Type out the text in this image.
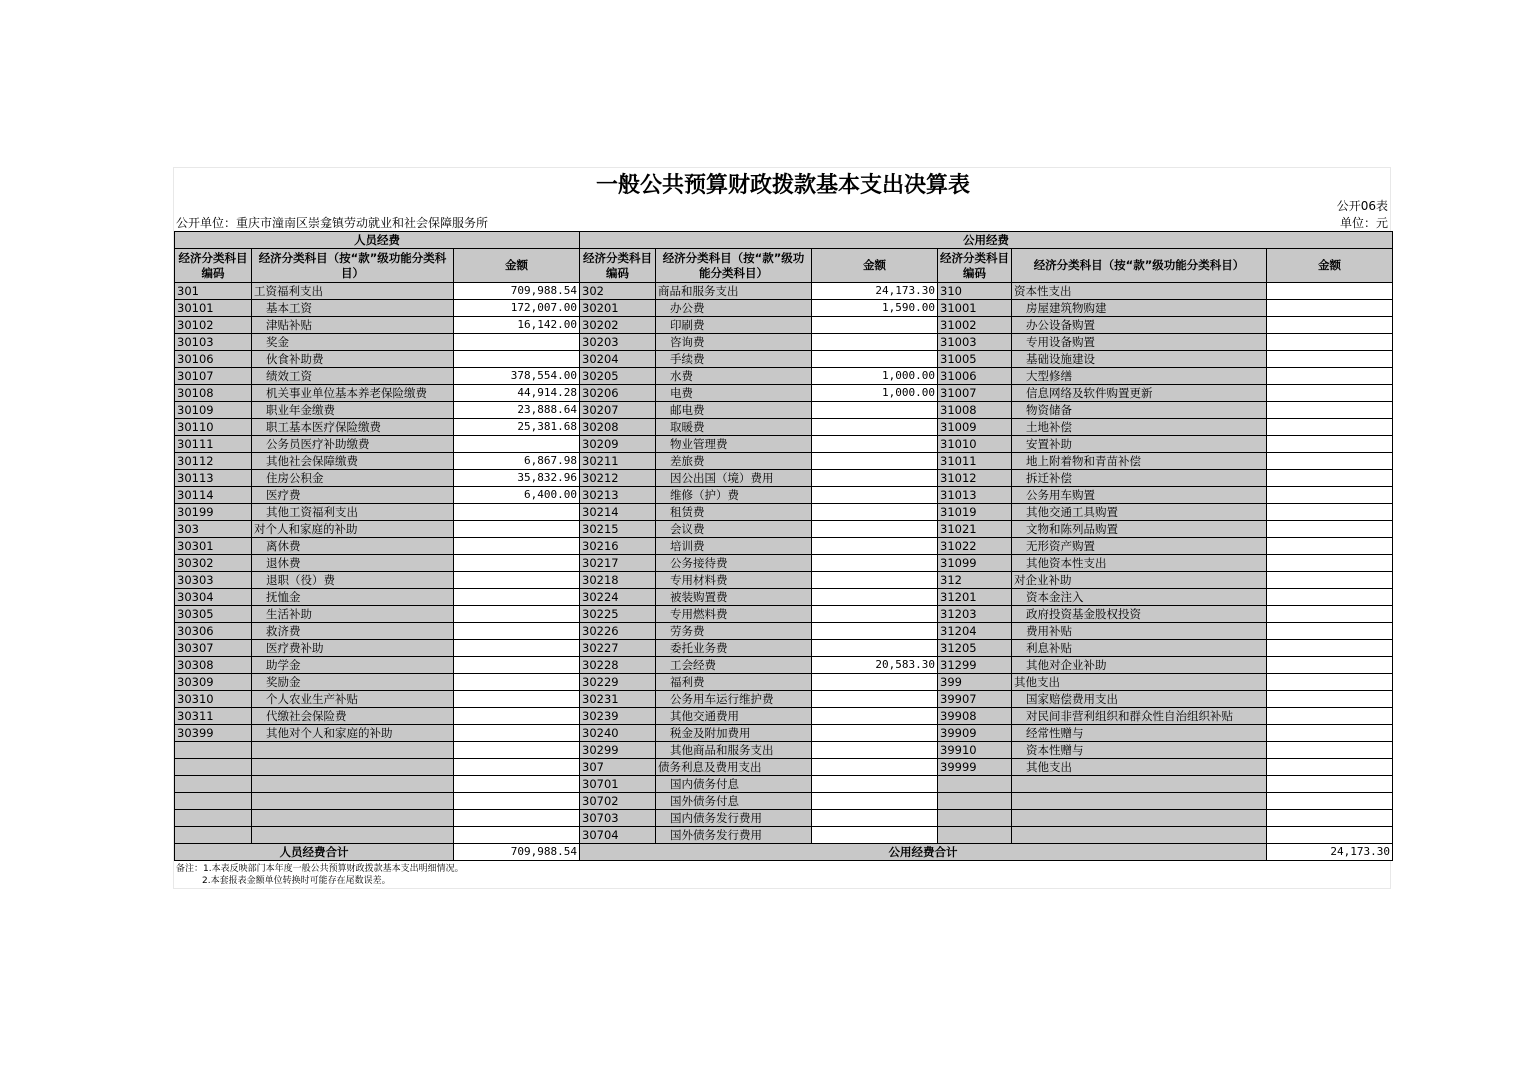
一般公共预算财政拨款基本支出决算表
公开06表
公开单位：重庆市潼南区崇龛镇劳动就业和社会保障服务所	单位：元
人员经费			公用经费					
经济分类科目编码	经济分类科目（按“款”级功能分类科目）	金额	经济分类科目编码	经济分类科目（按“款”级功能分类科目）	金额	经济分类科目编码	经济分类科目（按“款”级功能分类科目）	金额
301	工资福利支出	709,988.54	302	商品和服务支出	24,173.30	310	资本性支出	
30101	基本工资	172,007.00	30201	办公费	1,590.00	31001	房屋建筑物购建	
30102	津贴补贴	16,142.00	30202	印刷费		31002	办公设备购置	
30103	奖金		30203	咨询费		31003	专用设备购置	
30106	伙食补助费		30204	手续费		31005	基础设施建设	
30107	绩效工资	378,554.00	30205	水费	1,000.00	31006	大型修缮	
30108	机关事业单位基本养老保险缴费	44,914.28	30206	电费	1,000.00	31007	信息网络及软件购置更新	
30109	职业年金缴费	23,888.64	30207	邮电费		31008	物资储备	
30110	职工基本医疗保险缴费	25,381.68	30208	取暖费		31009	土地补偿	
30111	公务员医疗补助缴费		30209	物业管理费		31010	安置补助	
30112	其他社会保障缴费	6,867.98	30211	差旅费		31011	地上附着物和青苗补偿	
30113	住房公积金	35,832.96	30212	因公出国（境）费用		31012	拆迁补偿	
30114	医疗费	6,400.00	30213	维修（护）费		31013	公务用车购置	
30199	其他工资福利支出		30214	租赁费		31019	其他交通工具购置	
303	对个人和家庭的补助		30215	会议费		31021	文物和陈列品购置	
30301	离休费		30216	培训费		31022	无形资产购置	
30302	退休费		30217	公务接待费		31099	其他资本性支出	
30303	退职（役）费		30218	专用材料费		312	对企业补助	
30304	抚恤金		30224	被装购置费		31201	资本金注入	
30305	生活补助		30225	专用燃料费		31203	政府投资基金股权投资	
30306	救济费		30226	劳务费		31204	费用补贴	
30307	医疗费补助		30227	委托业务费		31205	利息补贴	
30308	助学金		30228	工会经费	20,583.30	31299	其他对企业补助	
30309	奖励金		30229	福利费		399	其他支出	
30310	个人农业生产补贴		30231	公务用车运行维护费		39907	国家赔偿费用支出	
30311	代缴社会保险费		30239	其他交通费用		39908	对民间非营利组织和群众性自治组织补贴	
30399	其他对个人和家庭的补助		30240	税金及附加费用		39909	经常性赠与	
			30299	其他商品和服务支出		39910	资本性赠与	
			307	债务利息及费用支出		39999	其他支出	
			30701	国内债务付息				
			30702	国外债务付息				
			30703	国内债务发行费用				
			30704	国外债务发行费用				
人员经费合计		709,988.54	公用经费合计					24,173.30
备注：1.本表反映部门本年度一般公共预算财政拨款基本支出明细情况。
2.本套报表金额单位转换时可能存在尾数误差。
